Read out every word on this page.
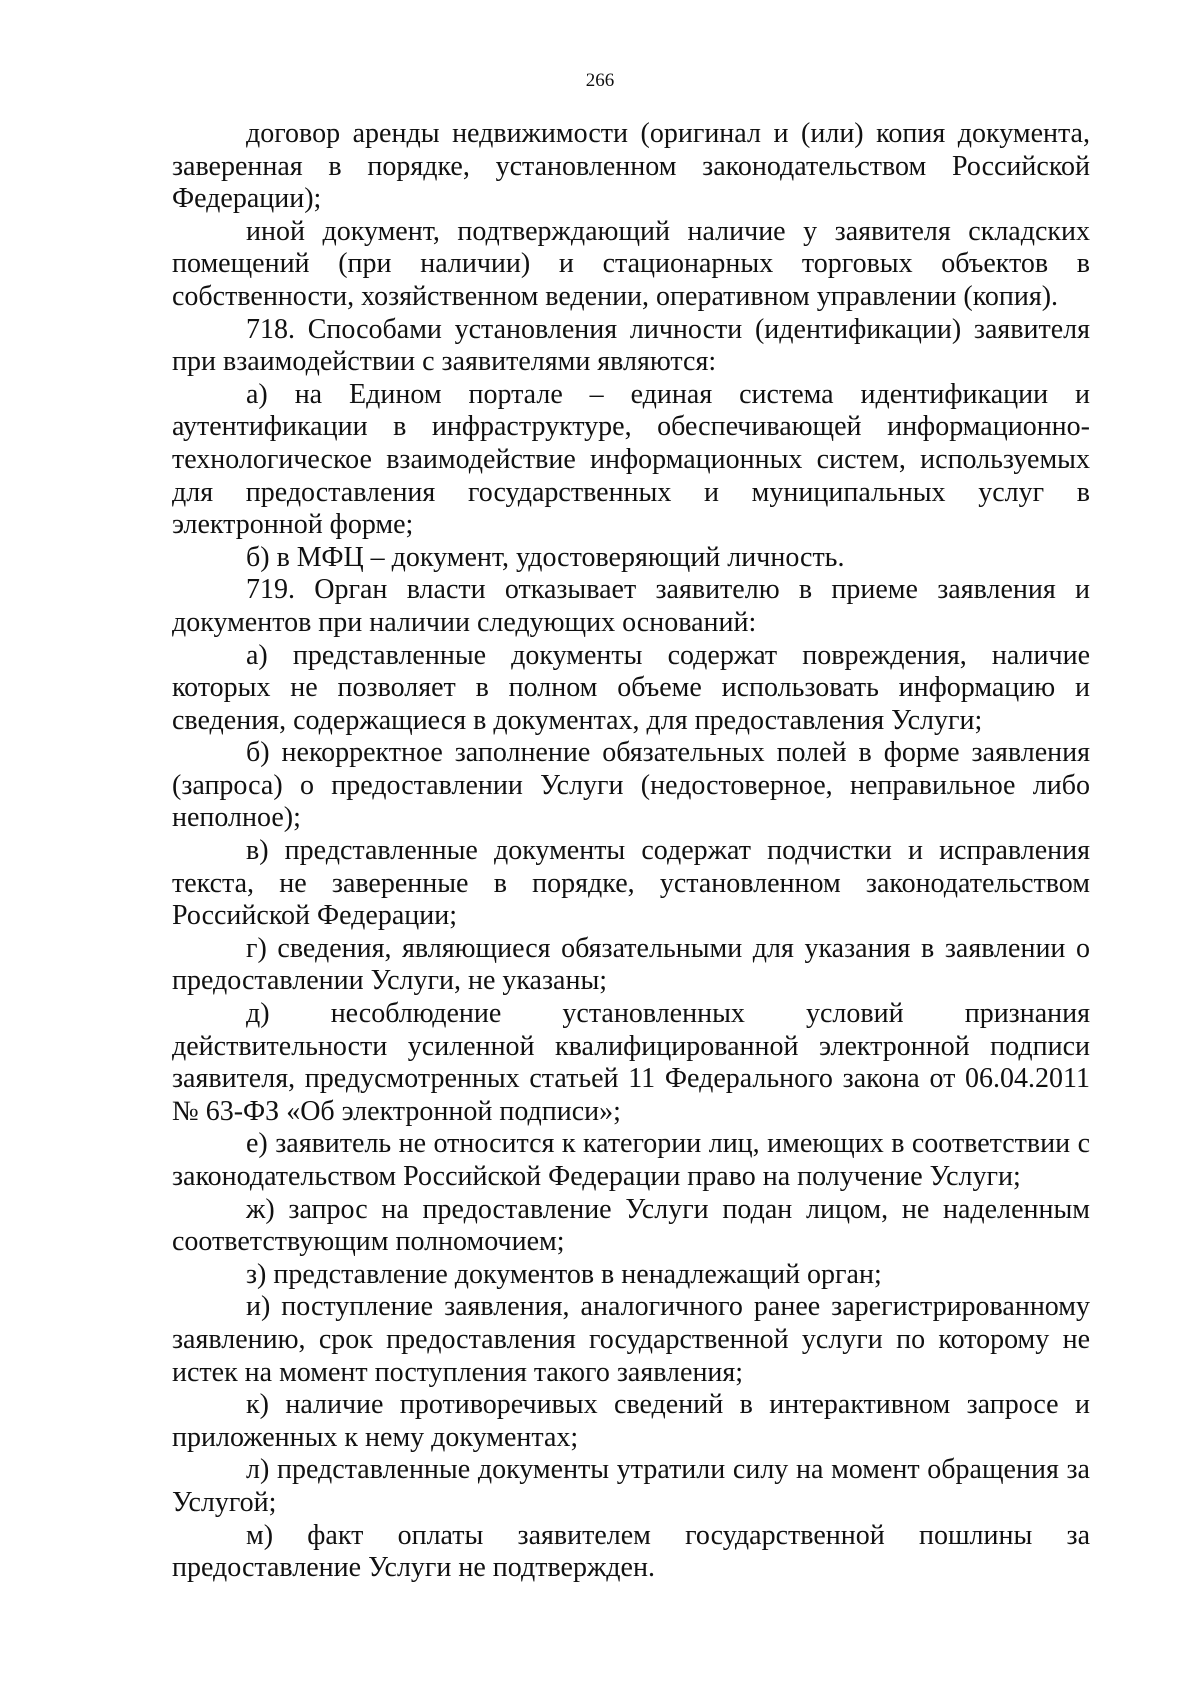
266

договор аренды недвижимости (оригинал и (или) копия документа, заверенная в порядке, установленном законодательством Российской Федерации);

иной документ, подтверждающий наличие у заявителя складских помещений (при наличии) и стационарных торговых объектов в собственности, хозяйственном ведении, оперативном управлении (копия).

718. Способами установления личности (идентификации) заявителя при взаимодействии с заявителями являются:

а) на Едином портале – единая система идентификации и аутентификации в инфраструктуре, обеспечивающей информационно-технологическое взаимодействие информационных систем, используемых для предоставления государственных и муниципальных услуг в электронной форме;

б) в МФЦ – документ, удостоверяющий личность.

719. Орган власти отказывает заявителю в приеме заявления и документов при наличии следующих оснований:

а) представленные документы содержат повреждения, наличие которых не позволяет в полном объеме использовать информацию и сведения, содержащиеся в документах, для предоставления Услуги;

б) некорректное заполнение обязательных полей в форме заявления (запроса) о предоставлении Услуги (недостоверное, неправильное либо неполное);

в) представленные документы содержат подчистки и исправления текста, не заверенные в порядке, установленном законодательством Российской Федерации;

г) сведения, являющиеся обязательными для указания в заявлении о предоставлении Услуги, не указаны;

д) несоблюдение установленных условий признания действительности усиленной квалифицированной электронной подписи заявителя, предусмотренных статьей 11 Федерального закона от 06.04.2011 № 63-ФЗ «Об электронной подписи»;

е) заявитель не относится к категории лиц, имеющих в соответствии с законодательством Российской Федерации право на получение Услуги;

ж) запрос на предоставление Услуги подан лицом, не наделенным соответствующим полномочием;

з) представление документов в ненадлежащий орган;

и) поступление заявления, аналогичного ранее зарегистрированному заявлению, срок предоставления государственной услуги по которому не истек на момент поступления такого заявления;

к) наличие противоречивых сведений в интерактивном запросе и приложенных к нему документах;

л) представленные документы утратили силу на момент обращения за Услугой;

м) факт оплаты заявителем государственной пошлины за предоставление Услуги не подтвержден.
